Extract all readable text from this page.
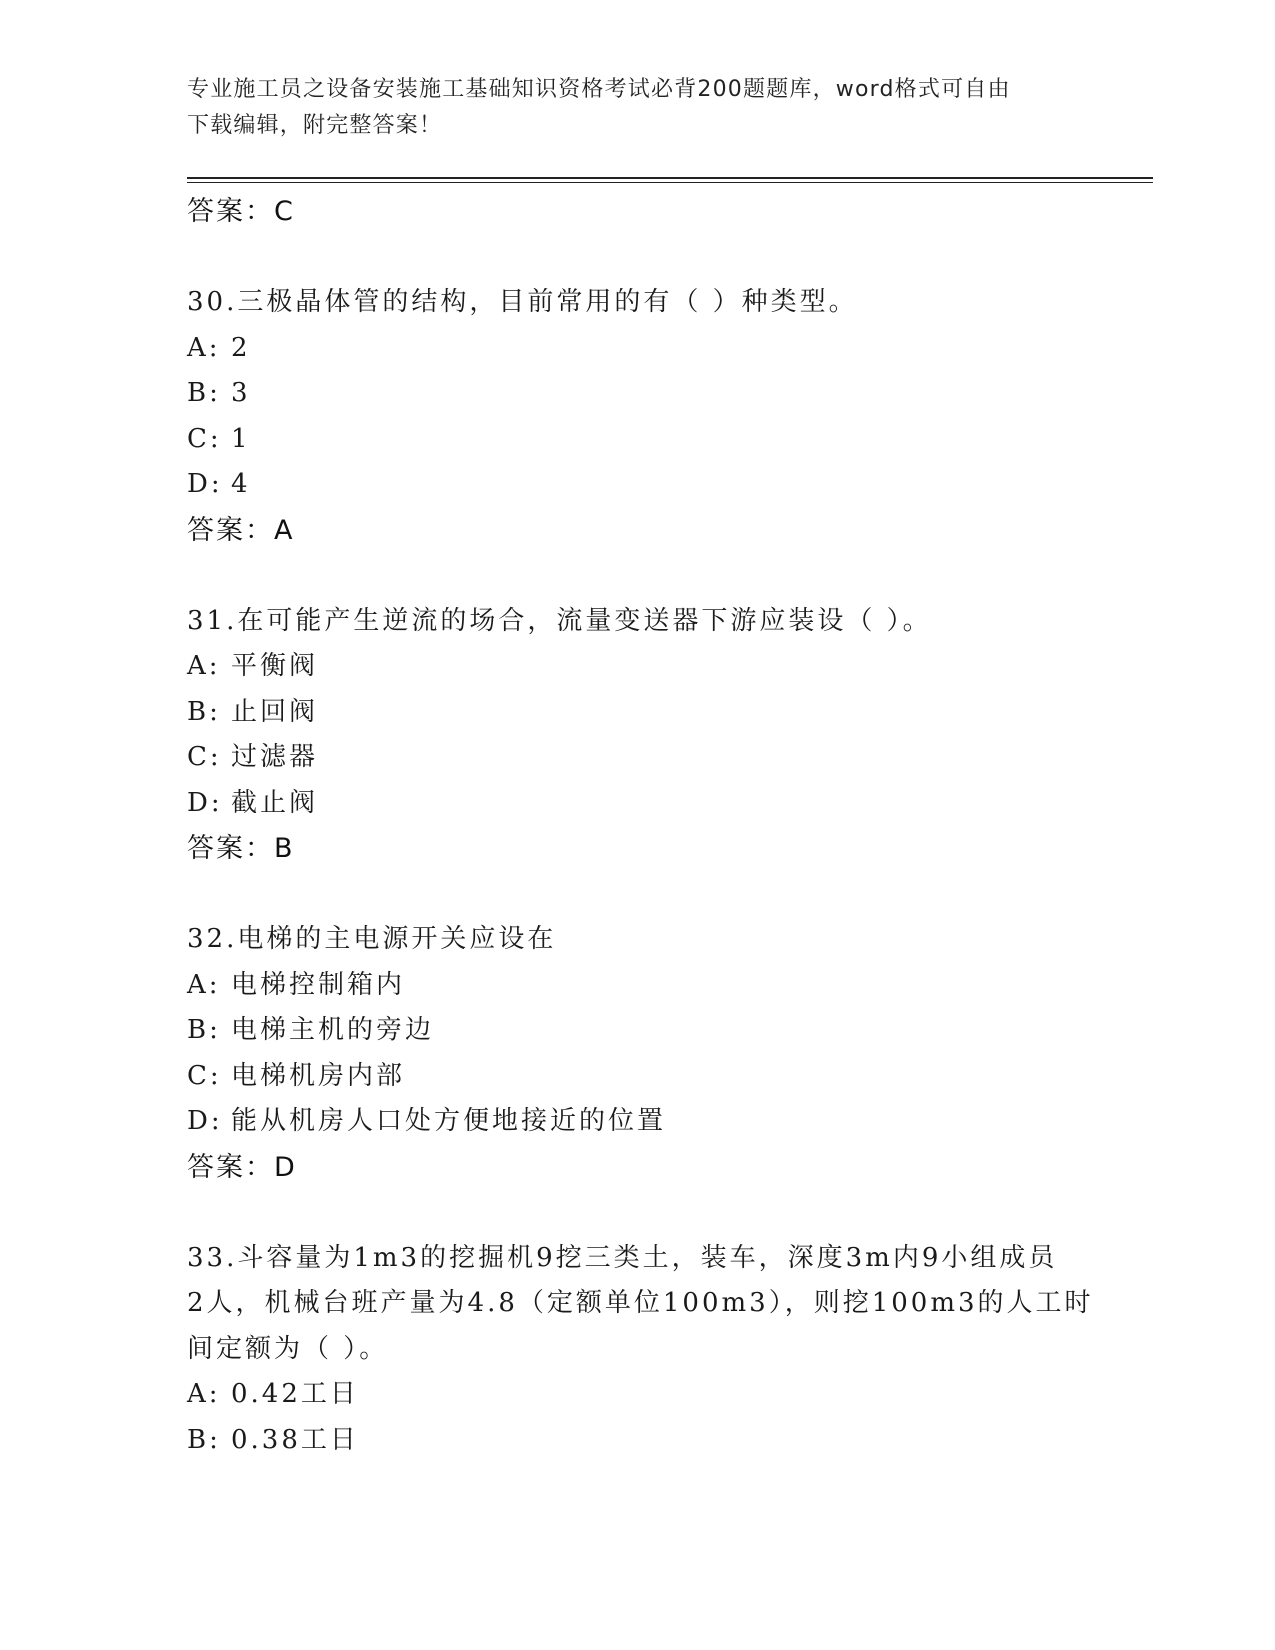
专业施工员之设备安装施工基础知识资格考试必背200题题库，word格式可自由
下载编辑，附完整答案！
答案：C
30.三极晶体管的结构，目前常用的有（ ）种类型。
A: 2
B: 3
C: 1
D: 4
答案：A
31.在可能产生逆流的场合，流量变送器下游应装设（ ）。
A: 平衡阀
B: 止回阀
C: 过滤器
D: 截止阀
答案：B
32.电梯的主电源开关应设在
A: 电梯控制箱内
B: 电梯主机的旁边
C: 电梯机房内部
D: 能从机房人口处方便地接近的位置
答案：D
33.斗容量为1m3的挖掘机9挖三类土，装车，深度3m内9小组成员
2人，机械台班产量为4.8（定额单位100m3），则挖100m3的人工时
间定额为（ ）。
A: 0.42工日
B: 0.38工日
